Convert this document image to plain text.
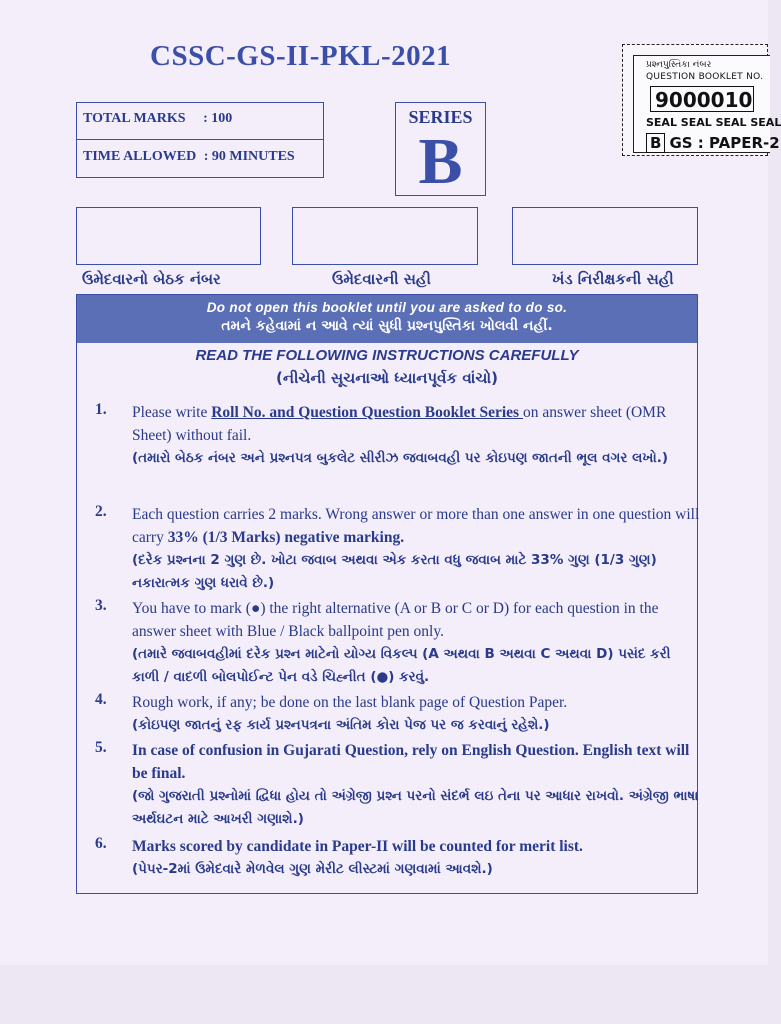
CSSC-GS-II-PKL-2021
TOTAL MARKS : 100
TIME ALLOWED : 90 MINUTES
SERIES
B
પ્રશ્નપુસ્તિકા નંબર
QUESTION BOOKLET NO.
9000010
SEAL SEAL SEAL SEAL
B GS : PAPER-2
ઉમેદવારનો બેઠક નંબર	ઉમેદવારની સહી	ખંડ નિરીક્ષકની સહી
Do not open this booklet until you are asked to do so.
તમને કહેવામાં ન આવે ત્યાં સુધી પ્રશ્નપુસ્તિકા ખોલવી નહીં.
READ THE FOLLOWING INSTRUCTIONS CAREFULLY
(નીચેની સૂચનાઓ ધ્યાનપૂર્વક વાંચો)
1. Please write Roll No. and Question Question Booklet Series on answer sheet (OMR Sheet) without fail.
(તમારો બેઠક નંબર અને પ્રશ્નપત્ર બુકલેટ સીરીઝ જવાબવહી પર કોઇપણ જાતની ભૂલ વગર લખો.)
2. Each question carries 2 marks. Wrong answer or more than one answer in one question will carry 33% (1/3 Marks) negative marking.
(દરેક પ્રશ્નના 2 ગુણ છે. ખોટા જવાબ અથવા એક કરતા વધુ જવાબ માટે 33% ગુણ (1/3 ગુણ) નકારાત્મક ગુણ ધરાવે છે.)
3. You have to mark (●) the right alternative (A or B or C or D) for each question in the answer sheet with Blue / Black ballpoint pen only.
(તમારે જવાબવહીમાં દરેક પ્રશ્ન માટેનો યોગ્ય વિકલ્પ (A અથવા B અથવા C અથવા D) પસંદ કરી કાળી / વાદળી બોલપોઈન્ટ પેન વડે ચિહ્નીત (●) કરવું.
4. Rough work, if any; be done on the last blank page of Question Paper.
(કોઇપણ જાતનું રફ કાર્ય પ્રશ્નપત્રના અંતિમ કોરા પેજ પર જ કરવાનું રહેશે.)
5. In case of confusion in Gujarati Question, rely on English Question. English text will be final.
(જો ગુજરાતી પ્રશ્નોમાં દ્વિધા હોય તો અંગ્રેજી પ્રશ્ન પરનો સંદર્ભ લઇ તેના પર આધાર રાખવો. અંગ્રેજી ભાષા અર્થઘટન માટે આખરી ગણાશે.)
6. Marks scored by candidate in Paper-II will be counted for merit list.
(પેપર-2માં ઉમેદવારે મેળવેલ ગુણ મેરીટ લીસ્ટમાં ગણવામાં આવશે.)
